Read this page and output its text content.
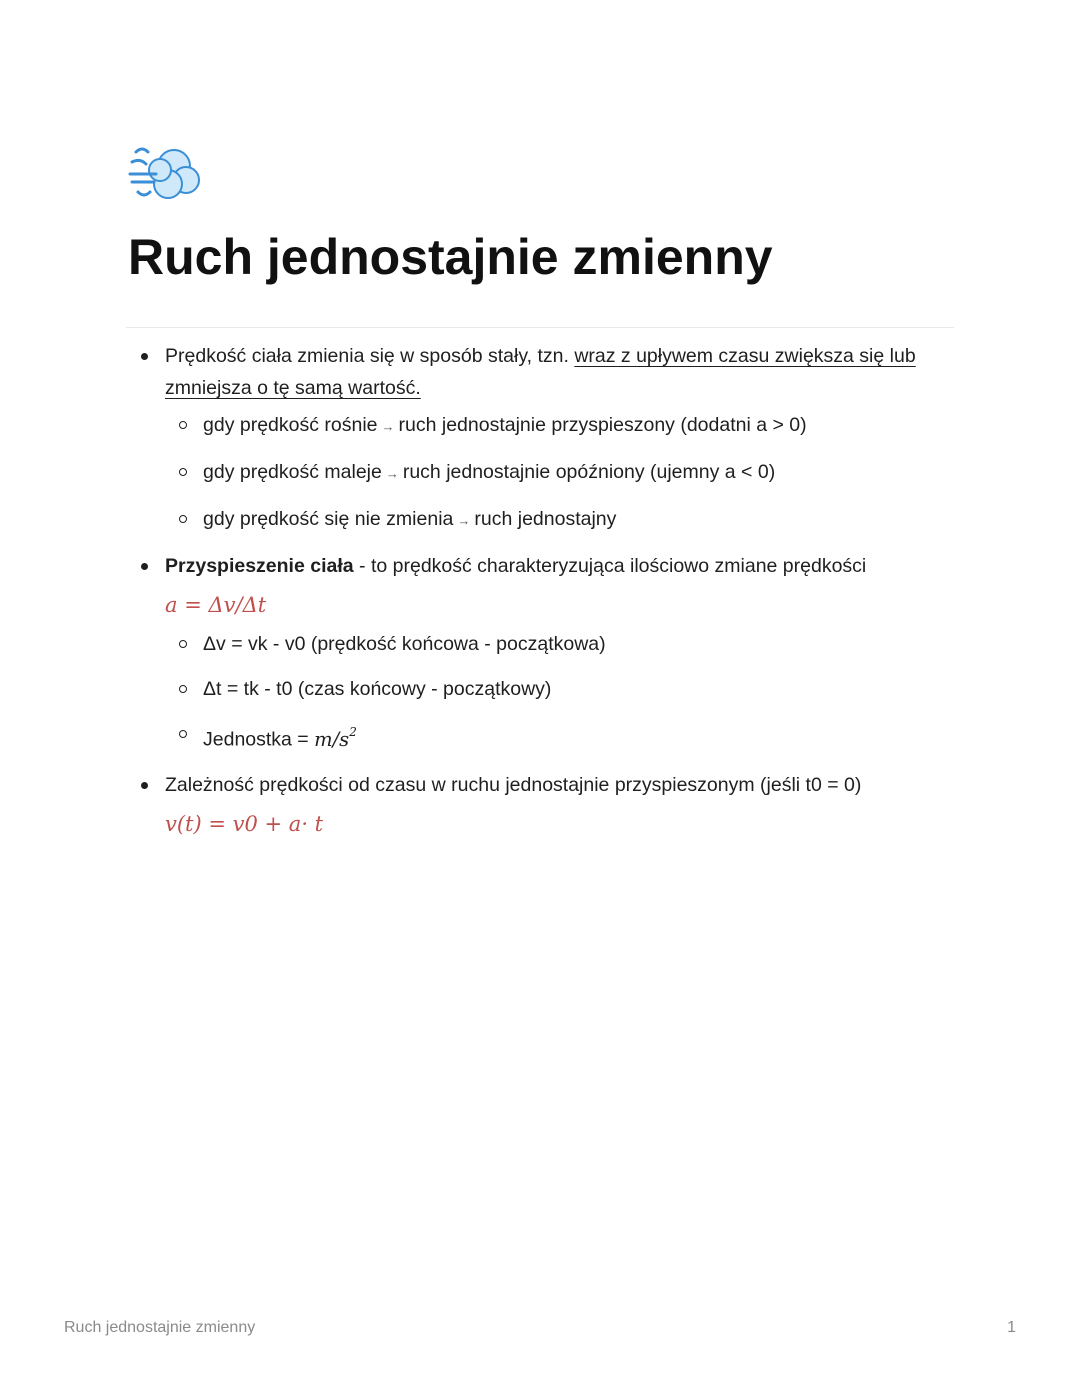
Ruch jednostajnie zmienny
Prędkość ciała zmienia się w sposób stały, tzn. wraz z upływem czasu zwiększa się lub zmniejsza o tę samą wartość.
gdy prędkość rośnie → ruch jednostajnie przyspieszony (dodatni a > 0)
gdy prędkość maleje → ruch jednostajnie opóźniony (ujemny a < 0)
gdy prędkość się nie zmienia → ruch jednostajny
Przyspieszenie ciała - to prędkość charakteryzująca ilościowo zmiane prędkości
a = Δv/Δt
Δv = vk - v0 (prędkość końcowa - początkowa)
Δt = tk - t0 (czas końcowy - początkowy)
Jednostka = $m/s^2$
Zależność prędkości od czasu w ruchu jednostajnie przyspieszonym (jeśli t0 = 0)
v(t) = v0 + a· t
Ruch jednostajnie zmienny	1
